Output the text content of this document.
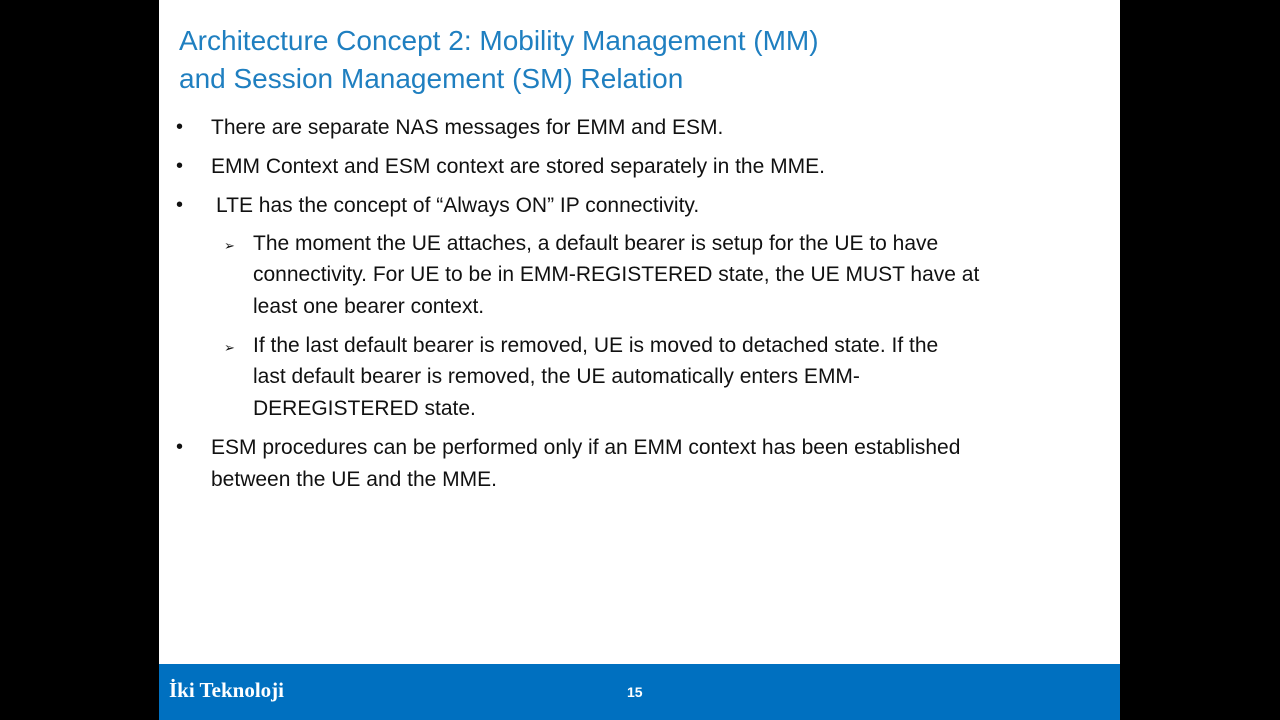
Architecture Concept 2: Mobility Management (MM)
and Session Management (SM) Relation
• There are separate NAS messages for EMM and ESM.
• EMM Context and ESM context are stored separately in the MME.
• LTE has the concept of “Always ON” IP connectivity.
➢ The moment the UE attaches, a default bearer is setup for the UE to have
connectivity. For UE to be in EMM-REGISTERED state, the UE MUST have at
least one bearer context.
➢ If the last default bearer is removed, UE is moved to detached state. If the
last default bearer is removed, the UE automatically enters EMM-
DEREGISTERED state.
• ESM procedures can be performed only if an EMM context has been established
between the UE and the MME.
İki Teknoloji	15
